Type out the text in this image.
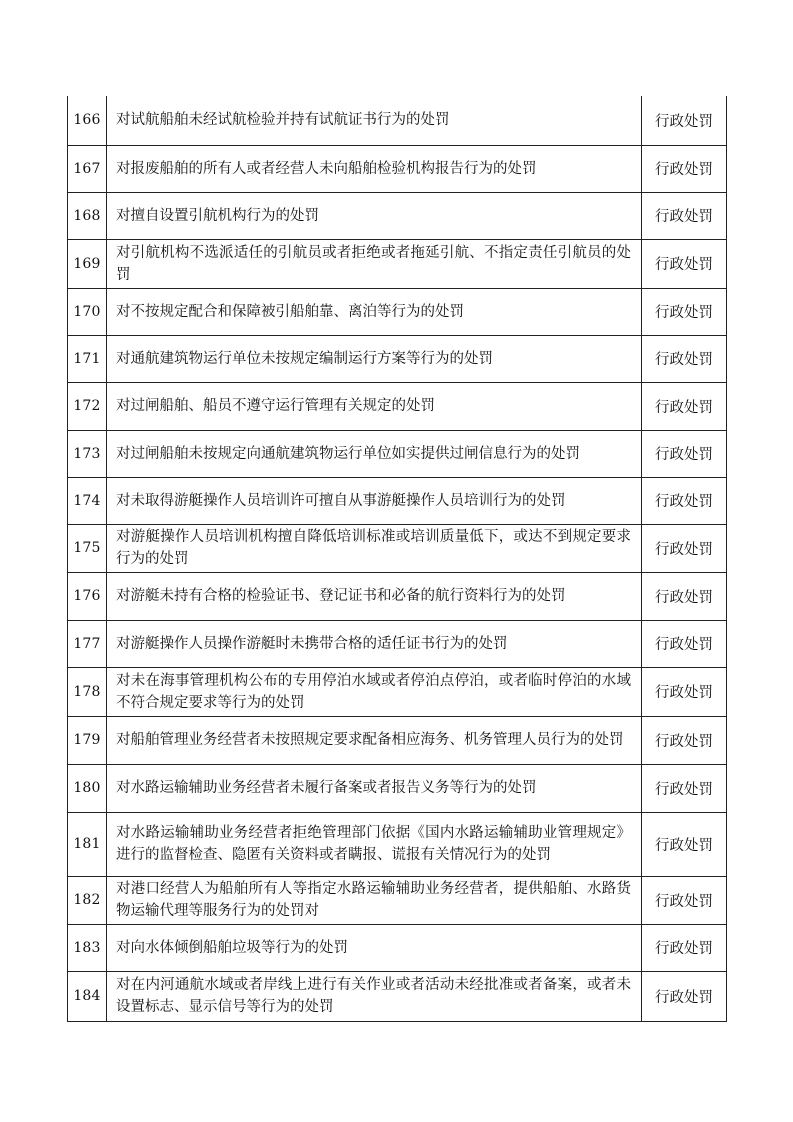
166	对试航船舶未经试航检验并持有试航证书行为的处罚	行政处罚
167	对报废船舶的所有人或者经营人未向船舶检验机构报告行为的处罚	行政处罚
168	对擅自设置引航机构行为的处罚	行政处罚
169	对引航机构不选派适任的引航员或者拒绝或者拖延引航、不指定责任引航员的处罚	行政处罚
170	对不按规定配合和保障被引船舶靠、离泊等行为的处罚	行政处罚
171	对通航建筑物运行单位未按规定编制运行方案等行为的处罚	行政处罚
172	对过闸船舶、船员不遵守运行管理有关规定的处罚	行政处罚
173	对过闸船舶未按规定向通航建筑物运行单位如实提供过闸信息行为的处罚	行政处罚
174	对未取得游艇操作人员培训许可擅自从事游艇操作人员培训行为的处罚	行政处罚
175	对游艇操作人员培训机构擅自降低培训标准或培训质量低下，或达不到规定要求行为的处罚	行政处罚
176	对游艇未持有合格的检验证书、登记证书和必备的航行资料行为的处罚	行政处罚
177	对游艇操作人员操作游艇时未携带合格的适任证书行为的处罚	行政处罚
178	对未在海事管理机构公布的专用停泊水域或者停泊点停泊，或者临时停泊的水域不符合规定要求等行为的处罚	行政处罚
179	对船舶管理业务经营者未按照规定要求配备相应海务、机务管理人员行为的处罚	行政处罚
180	对水路运输辅助业务经营者未履行备案或者报告义务等行为的处罚	行政处罚
181	对水路运输辅助业务经营者拒绝管理部门依据《国内水路运输辅助业管理规定》进行的监督检查、隐匿有关资料或者瞒报、谎报有关情况行为的处罚	行政处罚
182	对港口经营人为船舶所有人等指定水路运输辅助业务经营者，提供船舶、水路货物运输代理等服务行为的处罚对	行政处罚
183	对向水体倾倒船舶垃圾等行为的处罚	行政处罚
184	对在内河通航水域或者岸线上进行有关作业或者活动未经批准或者备案，或者未设置标志、显示信号等行为的处罚	行政处罚
